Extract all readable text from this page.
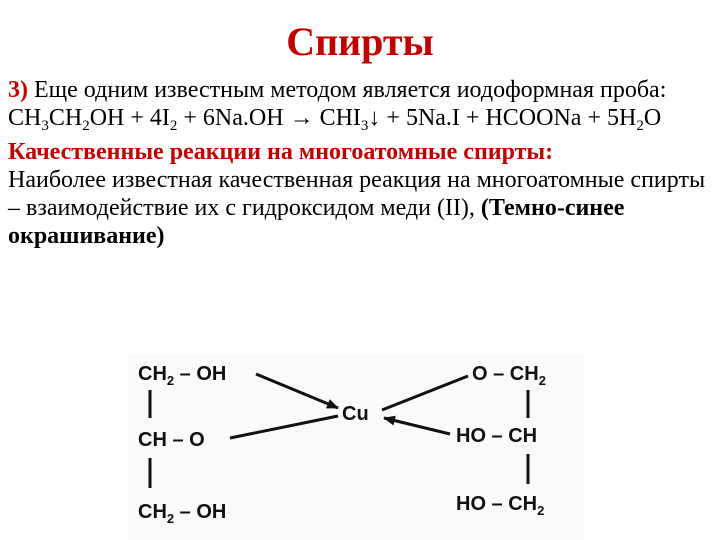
Спирты

3) Еще одним известным методом является иодоформная проба:

$CH_3CH_2OH + 4I_2 + 6Na.OH$ → $CHI_3↓ + 5Na.I$ + HCOONa + $5H_2O$

Качественные реакции на многоатомные спирты:

Наиболее известная качественная реакция на многоатомные спирты – взаимодействие их с гидроксидом меди (II), (Темно-синее окрашивание)

$CH_2$ – OH
CH – O
$CH_2$ – OH
Cu
O – $CH_2$
HO – CH
HO – $CH_2$
